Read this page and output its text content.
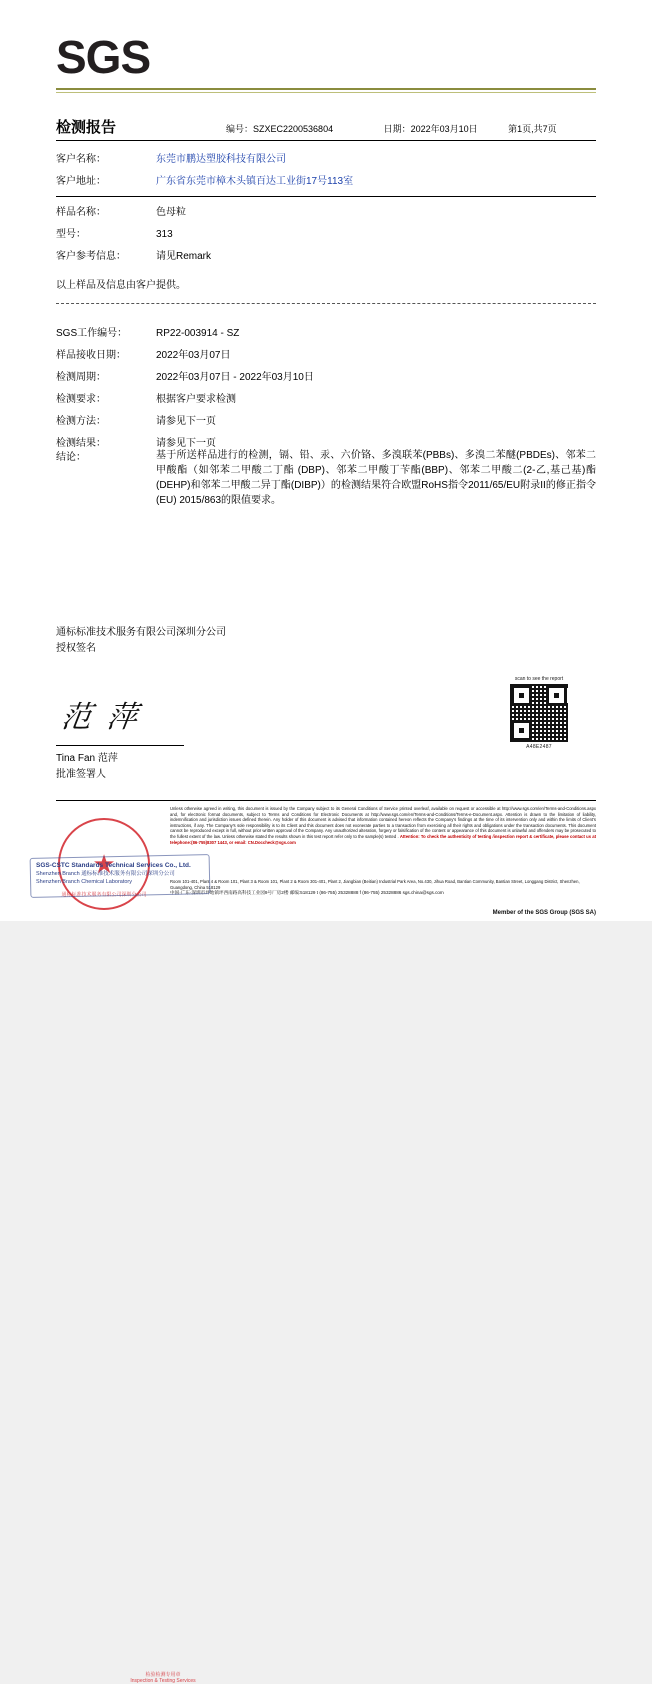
SGS
检测报告	编号：SZXEC2200536804	日期：2022年03月10日	第1页,共7页
客户名称：	东莞市鹏达塑胶科技有限公司
客户地址：	广东省东莞市樟木头镇百达工业街17号113室
样品名称：	色母粒
型号：	313
客户参考信息：	请见Remark
以上样品及信息由客户提供。
SGS工作编号：	RP22-003914 - SZ
样品接收日期：	2022年03月07日
检测周期：	2022年03月07日 - 2022年03月10日
检测要求：	根据客户要求检测
检测方法：	请参见下一页
检测结果：	请参见下一页
结论：	基于所送样品进行的检测，镉、铅、汞、六价铬、多溴联苯(PBBs)、多溴二苯醚(PBDEs)、邻苯二甲酸酯（如邻苯二甲酸二丁酯 (DBP)、邻苯二甲酸丁苄酯(BBP)、邻苯二甲酸二(2-乙,基己基)酯(DEHP)和邻苯二甲酸二异丁酯(DIBP)）的检测结果符合欧盟RoHS指令2011/65/EU附录II的修正指令(EU) 2015/863的限值要求。
通标标准技术服务有限公司深圳分公司
授权签名
范 萍
Tina Fan 范萍
批准签署人
scan to see the report
A48E2487
Unless otherwise agreed in writing, this document is issued by the Company subject to its General Conditions of Service printed overleaf, available on request or accessible at http://www.sgs.com/en/Terms-and-Conditions.aspx and, for electronic format documents, subject to Terms and Conditions for Electronic Documents at http://www.sgs.com/en/Terms-and-Conditions/Terms-e-Document.aspx. Attention is drawn to the limitation of liability, indemnification and jurisdiction issues defined therein. Any holder of this document is advised that information contained hereon reflects the Company's findings at the time of its intervention only and within the limits of Client's instructions, if any. The Company's sole responsibility is to its Client and this document does not exonerate parties to a transaction from exercising all their rights and obligations under the transaction documents. This document cannot be reproduced except in full, without prior written approval of the Company. Any unauthorized alteration, forgery or falsification of the content or appearance of this document is unlawful and offenders may be prosecuted to the fullest extent of the law. Unless otherwise stated the results shown in this test report refer only to the sample(s) tested . Attention: To check the authenticity of testing /inspection report & certificate, please contact us at telephone:(86-755)8307 1443, or email: CN.Doccheck@sgs.com
Room 101-401, Plant 4 & Room 101, Plant 3 & Room 101, Plant 2 & Room 301-401, Plant 2, Jiangbian (Beitian) Industrial Park Area, No.430, Jihua Road, Bantian Community, Bantian Street, Longgang District, Shenzhen, Guangdong, China 518129
中国·广东·深圳市坪地镇坪西南路高科技工业园9号厂房2楼 邮编:518129 t (86-755) 25328888 f (86-755) 25328886 sgs.china@sgs.com
Member of the SGS Group (SGS SA)
★
检验检测专用章
Inspection & Testing Services
通标标准技术服务有限公司深圳分公司
SGS-CSTC Standards Technical Services Co., Ltd.
Shenzhen Branch 通标标准技术服务有限公司深圳分公司
Shenzhen Branch Chemical Laboratory
